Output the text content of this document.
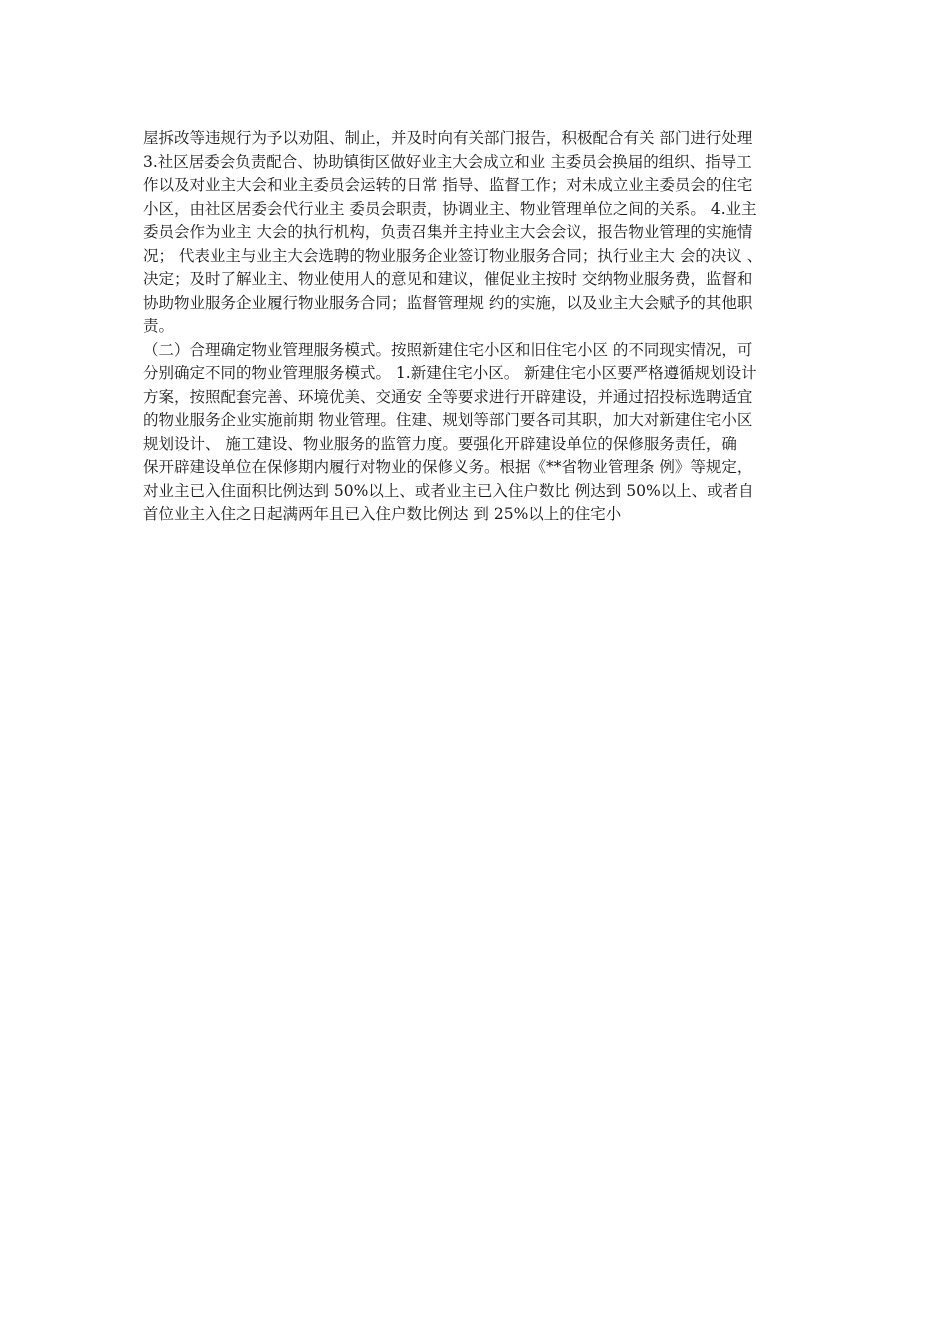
屋拆改等违规行为予以劝阻、制止，并及时向有关部门报告，积极配合有关 部门进行处理
3.社区居委会负责配合、协助镇街区做好业主大会成立和业 主委员会换届的组织、指导工
作以及对业主大会和业主委员会运转的日常 指导、监督工作；对未成立业主委员会的住宅
小区，由社区居委会代行业主 委员会职责，协调业主、物业管理单位之间的关系。 4.业主
委员会作为业主 大会的执行机构，负责召集并主持业主大会会议，报告物业管理的实施情
况； 代表业主与业主大会选聘的物业服务企业签订物业服务合同；执行业主大 会的决议 、
决定；及时了解业主、物业使用人的意见和建议，催促业主按时 交纳物业服务费，监督和
协助物业服务企业履行物业服务合同；监督管理规 约的实施，以及业主大会赋予的其他职
责。
（二）合理确定物业管理服务模式。按照新建住宅小区和旧住宅小区 的不同现实情况，可
分别确定不同的物业管理服务模式。 1.新建住宅小区。 新建住宅小区要严格遵循规划设计
方案，按照配套完善、环境优美、交通安 全等要求进行开辟建设，并通过招投标选聘适宜
的物业服务企业实施前期 物业管理。住建、规划等部门要各司其职，加大对新建住宅小区
规划设计、 施工建设、物业服务的监管力度。要强化开辟建设单位的保修服务责任，确
保开辟建设单位在保修期内履行对物业的保修义务。根据《**省物业管理条 例》等规定，
对业主已入住面积比例达到 50%以上、或者业主已入住户数比 例达到 50%以上、或者自
首位业主入住之日起满两年且已入住户数比例达 到 25%以上的住宅小
